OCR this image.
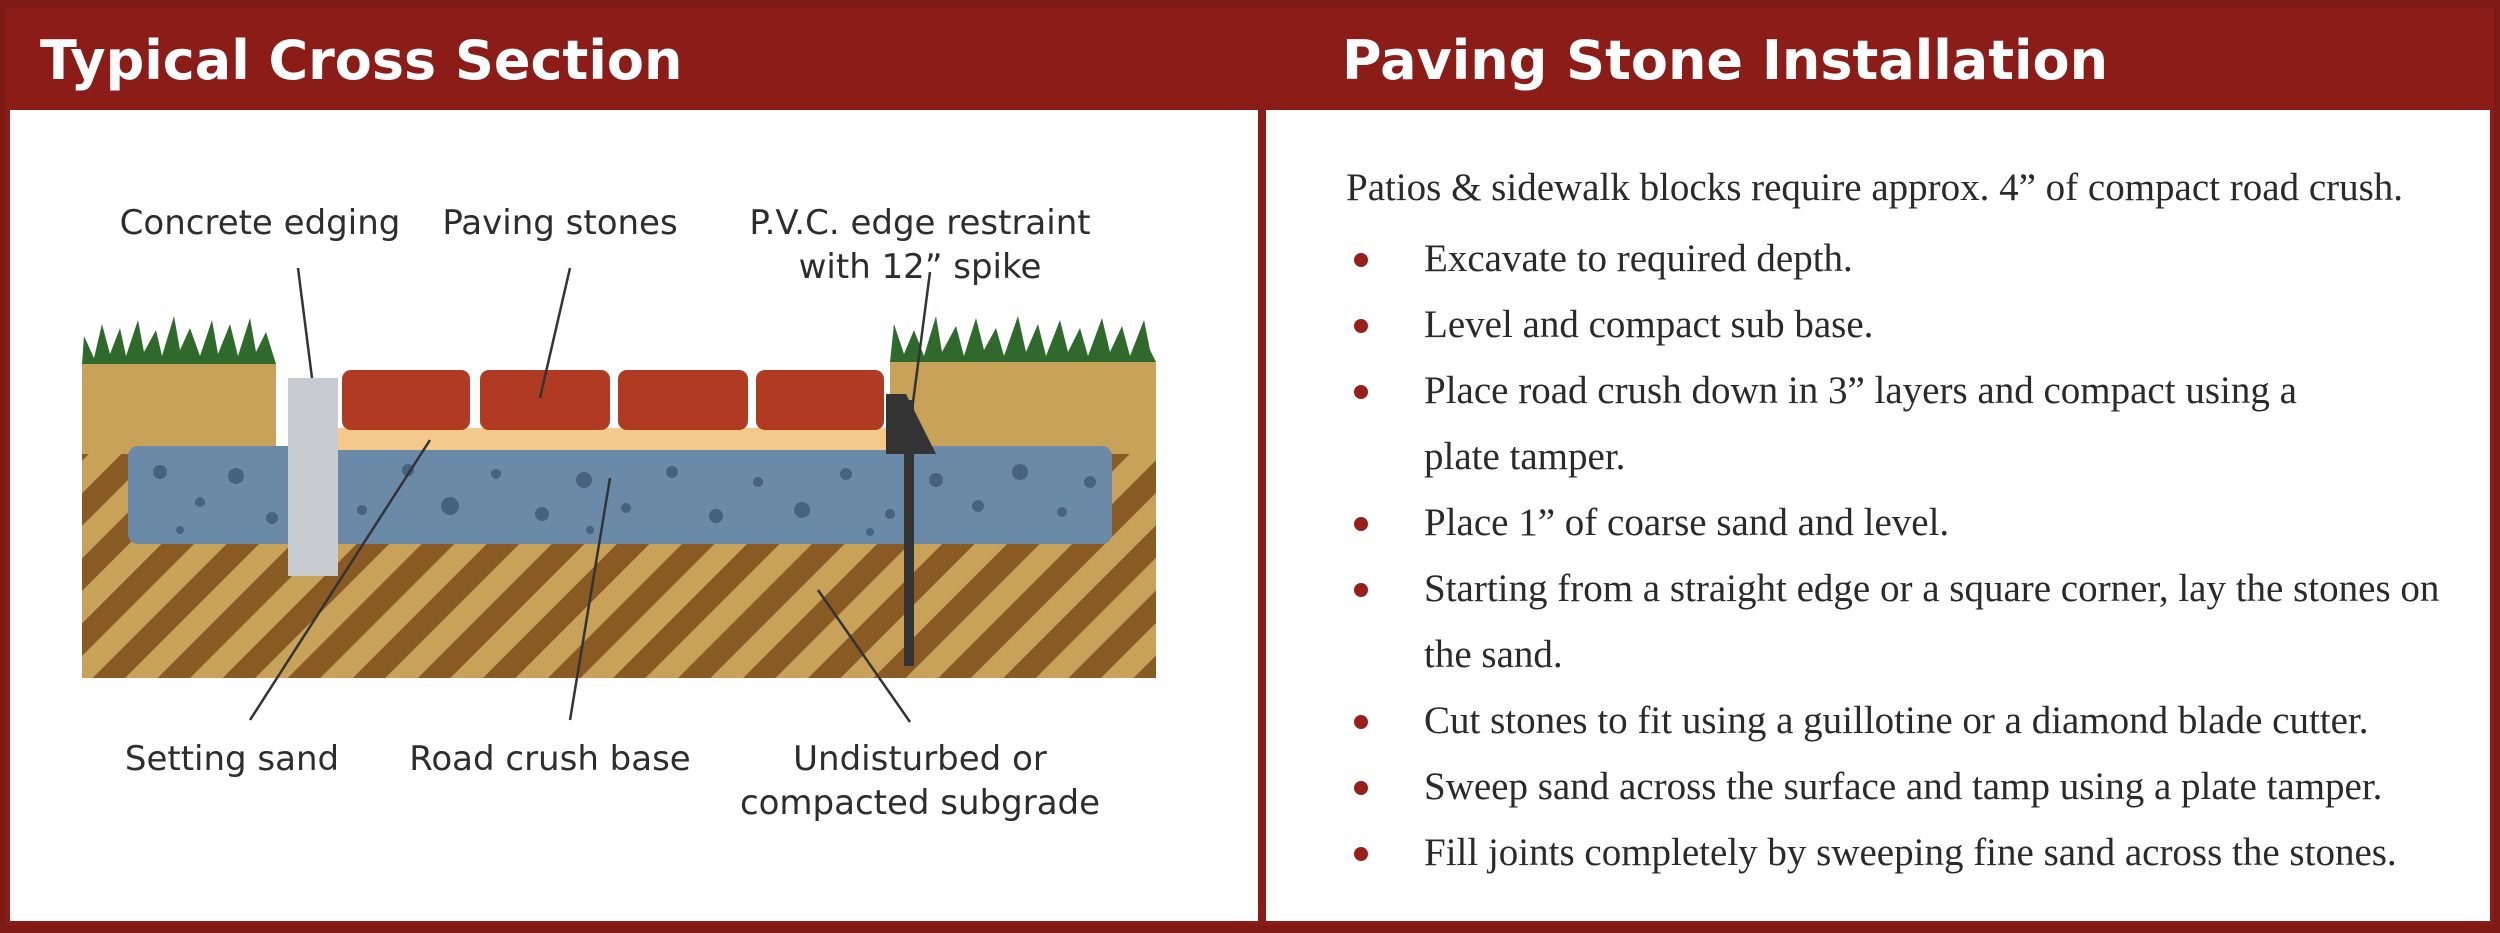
Typical Cross Section
Concrete edging Paving stones P.V.C. edge restraint
with 12” spike
Setting sand Road crush base	Undisturbed or
compacted subgrade
Paving Stone Installation

Patios & sidewalk blocks require approx. 4” of compact road crush.

Excavate to required depth.
Level and compact sub base.
Place road crush down in 3” layers and compact using a plate tamper.
Place 1” of coarse sand and level.
Starting from a straight edge or a square corner, lay the stones on the sand.
Cut stones to fit using a guillotine or a diamond blade cutter.
Sweep sand across the surface and tamp using a plate tamper.
Fill joints completely by sweeping fine sand across the stones.
